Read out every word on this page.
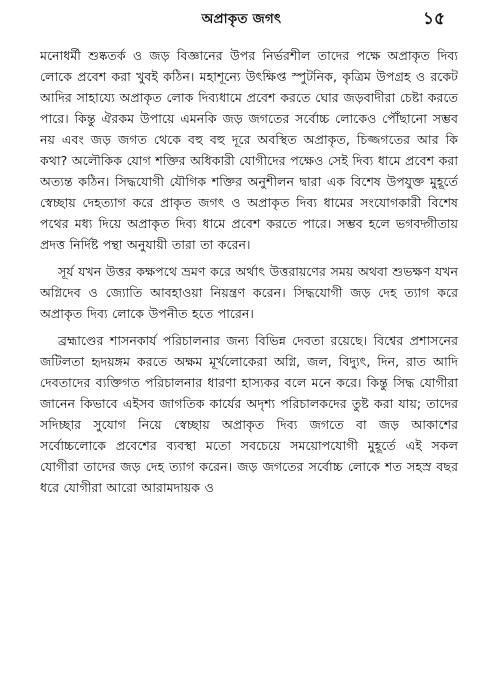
অপ্রাকৃত জগৎ	১৫

মনোধর্মী শুষ্কতর্ক ও জড় বিজ্ঞানের উপর নির্ভরশীল তাদের পক্ষে অপ্রাকৃত দিব্য লোকে প্রবেশ করা খুবই কঠিন। মহাশূন্যে উৎক্ষিপ্ত স্পুটনিক, কৃত্রিম উপগ্রহ ও রকেট আদির সাহায্যে অপ্রাকৃত লোক দিব্যধামে প্রবেশ করতে ঘোর জড়বাদীরা চেষ্টা করতে পারে। কিন্তু ঐরকম উপায়ে এমনকি জড় জগতের সর্বোচ্চ লোকেও পৌঁছানো সম্ভব নয় এবং জড় জগত থেকে বহু বহু দূরে অবস্থিত অপ্রাকৃত, চিজ্জগতের আর কি কথা? অলৌকিক যোগ শক্তির অধিকারী যোগীদের পক্ষেও সেই দিব্য ধামে প্রবেশ করা অত্যন্ত কঠিন। সিদ্ধযোগী যৌগিক শক্তির অনুশীলন দ্বারা এক বিশেষ উপযুক্ত মুহূর্তে স্বেচ্ছায় দেহত্যাগ করে প্রাকৃত জগৎ ও অপ্রাকৃত দিব্য ধামের সংযোগকারী বিশেষ পথের মধ্য দিয়ে অপ্রাকৃত দিব্য ধামে প্রবেশ করতে পারে। সম্ভব হলে ভগবদ্গীতায় প্রদত্ত নির্দিষ্ট পন্থা অনুযায়ী তারা তা করেন।

সূর্য যখন উত্তর কক্ষপথে ভ্রমণ করে অর্থাৎ উত্তরায়ণের সময় অথবা শুভক্ষণ যখন অগ্নিদেব ও জ্যোতি আবহাওয়া নিয়ন্ত্রণ করেন। সিদ্ধযোগী জড় দেহ ত্যাগ করে অপ্রাকৃত দিব্য লোকে উপনীত হতে পারেন।

ব্রহ্মাণ্ডের শাসনকার্য পরিচালনার জন্য বিভিন্ন দেবতা রয়েছে। বিশ্বের প্রশাসনের জটিলতা হৃদয়ঙ্গম করতে অক্ষম মূর্খলোকেরা অগ্নি, জল, বিদ্যুৎ, দিন, রাত আদি দেবতাদের ব্যক্তিগত পরিচালনার ধারণা হাস্যকর বলে মনে করে। কিন্তু সিদ্ধ যোগীরা জানেন কিভাবে এইসব জাগতিক কার্যের অদৃশ্য পরিচালকদের তুষ্ট করা যায়; তাদের সদিচ্ছার সুযোগ নিয়ে স্বেচ্ছায় অপ্রাকৃত দিব্য জগতে বা জড় আকাশের সর্বোচ্চলোকে প্রবেশের ব্যবস্থা মতো সবচেয়ে সময়োপযোগী মুহূর্তে এই সকল যোগীরা তাদের জড় দেহ ত্যাগ করেন। জড় জগতের সর্বোচ্চ লোকে শত সহস্র বছর ধরে যোগীরা আরো আরামদায়ক ও
